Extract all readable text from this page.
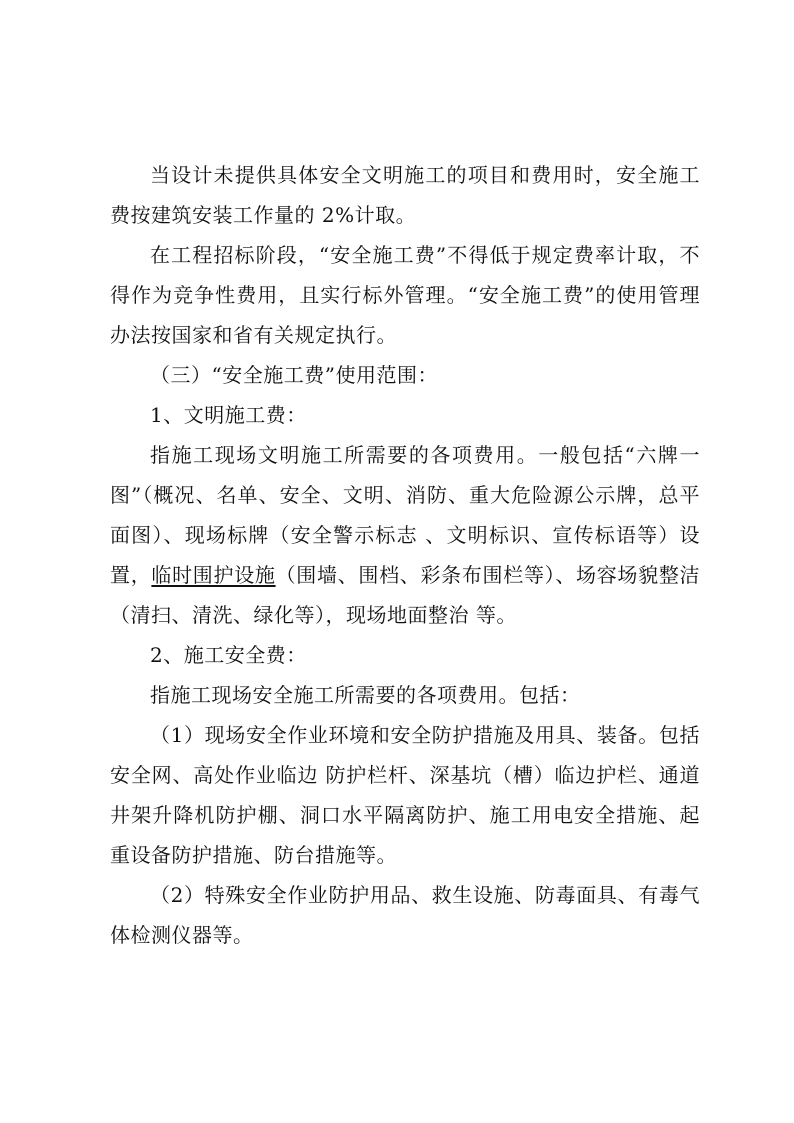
当设计未提供具体安全文明施工的项目和费用时，安全施工费按建筑安装工作量的 2%计取。

在工程招标阶段，“安全施工费”不得低于规定费率计取，不得作为竞争性费用，且实行标外管理。“安全施工费”的使用管理办法按国家和省有关规定执行。

（三）“安全施工费”使用范围：

1、文明施工费：

指施工现场文明施工所需要的各项费用。一般包括“六牌一图”（概况、名单、安全、文明、消防、重大危险源公示牌，总平面图）、现场标牌（安全警示标志 、文明标识、宣传标语等）设置，临时围护设施（围墙、围档、彩条布围栏等）、场容场貌整洁（清扫、清洗、绿化等），现场地面整治 等。

2、施工安全费：

指施工现场安全施工所需要的各项费用。包括：

（1）现场安全作业环境和安全防护措施及用具、装备。包括安全网、高处作业临边 防护栏杆、深基坑（槽）临边护栏、通道井架升降机防护棚、洞口水平隔离防护、施工用电安全措施、起重设备防护措施、防台措施等。

（2）特殊安全作业防护用品、救生设施、防毒面具、有毒气体检测仪器等。
